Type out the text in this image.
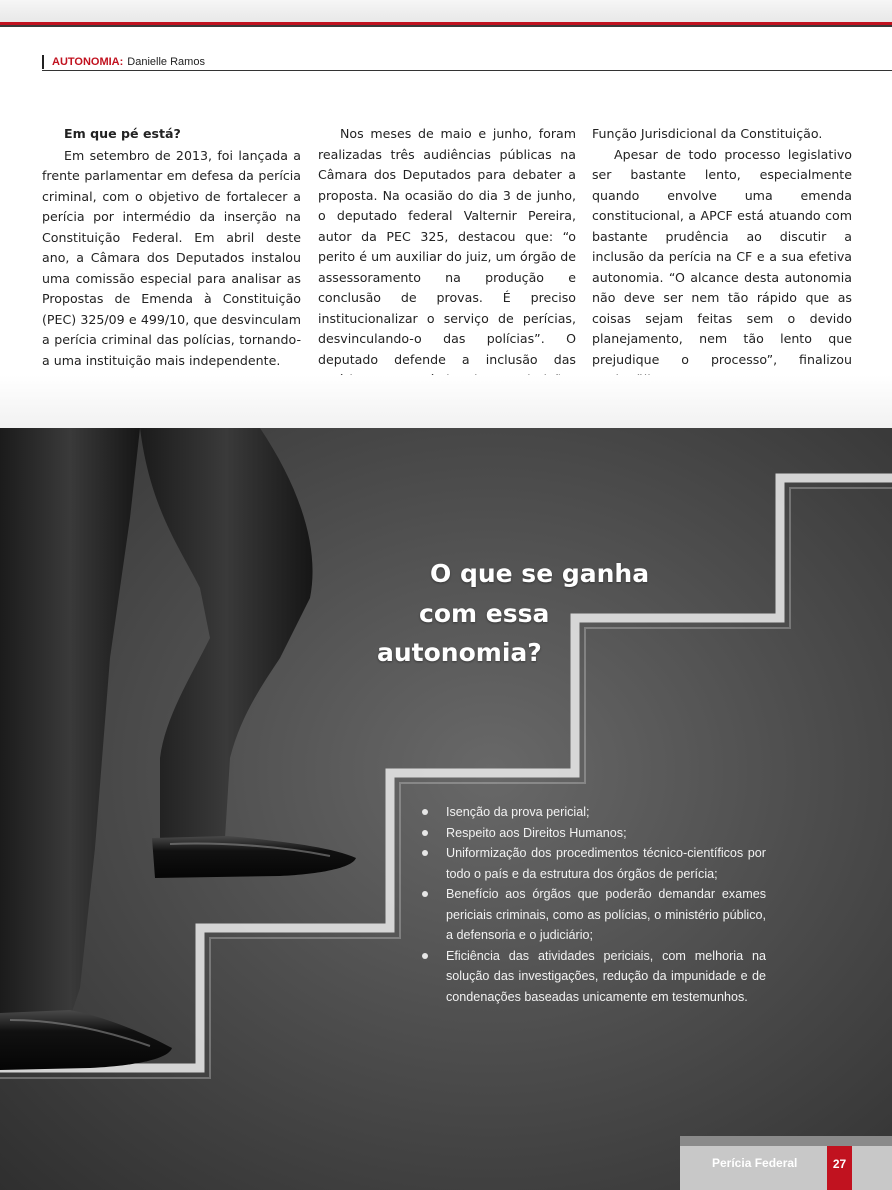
AUTONOMIA: Danielle Ramos
Em que pé está?

Em setembro de 2013, foi lançada a frente parlamentar em defesa da perícia criminal, com o objetivo de fortalecer a perícia por intermédio da inserção na Constituição Federal. Em abril deste ano, a Câmara dos Deputados instalou uma comissão especial para analisar as Propostas de Emenda à Constituição (PEC) 325/09 e 499/10, que desvinculam a perícia criminal das polícias, tornando-a uma instituição mais independente.

Nos meses de maio e junho, foram realizadas três audiências públicas na Câmara dos Deputados para debater a proposta. Na ocasião do dia 3 de junho, o deputado federal Valternir Pereira, autor da PEC 325, destacou que: “o perito é um auxiliar do juiz, um órgão de assessoramento na produção e conclusão de provas. É preciso institucionalizar o serviço de perícias, desvinculando-o das polícias”. O deputado defende a inclusão das

Função Jurisdicional da Constituição.

Apesar de todo processo legislativo ser bastante lento, especialmente quando envolve uma emenda constitucional, a APCF está atuando com bastante prudência ao discutir a inclusão da perícia na CF e a sua efetiva autonomia. “O alcance desta autonomia não deve ser nem tão rápido que as coisas sejam feitas sem o devido planejamento, nem tão lento que prejudique o processo”, finalizou

O que se ganha
com essa
autonomia?
Isenção da prova pericial;
Respeito aos Direitos Humanos;
Uniformização dos procedimentos técnico-científicos por todo o país e da estrutura dos órgãos de perícia;
Benefício aos órgãos que poderão demandar exames periciais criminais, como as polícias, o ministério público, a defensoria e o judiciário;
Eficiência das atividades periciais, com melhoria na solução das investigações, redução da impunidade e de condenações baseadas unicamente em testemunhos.
Perícia Federal	27
